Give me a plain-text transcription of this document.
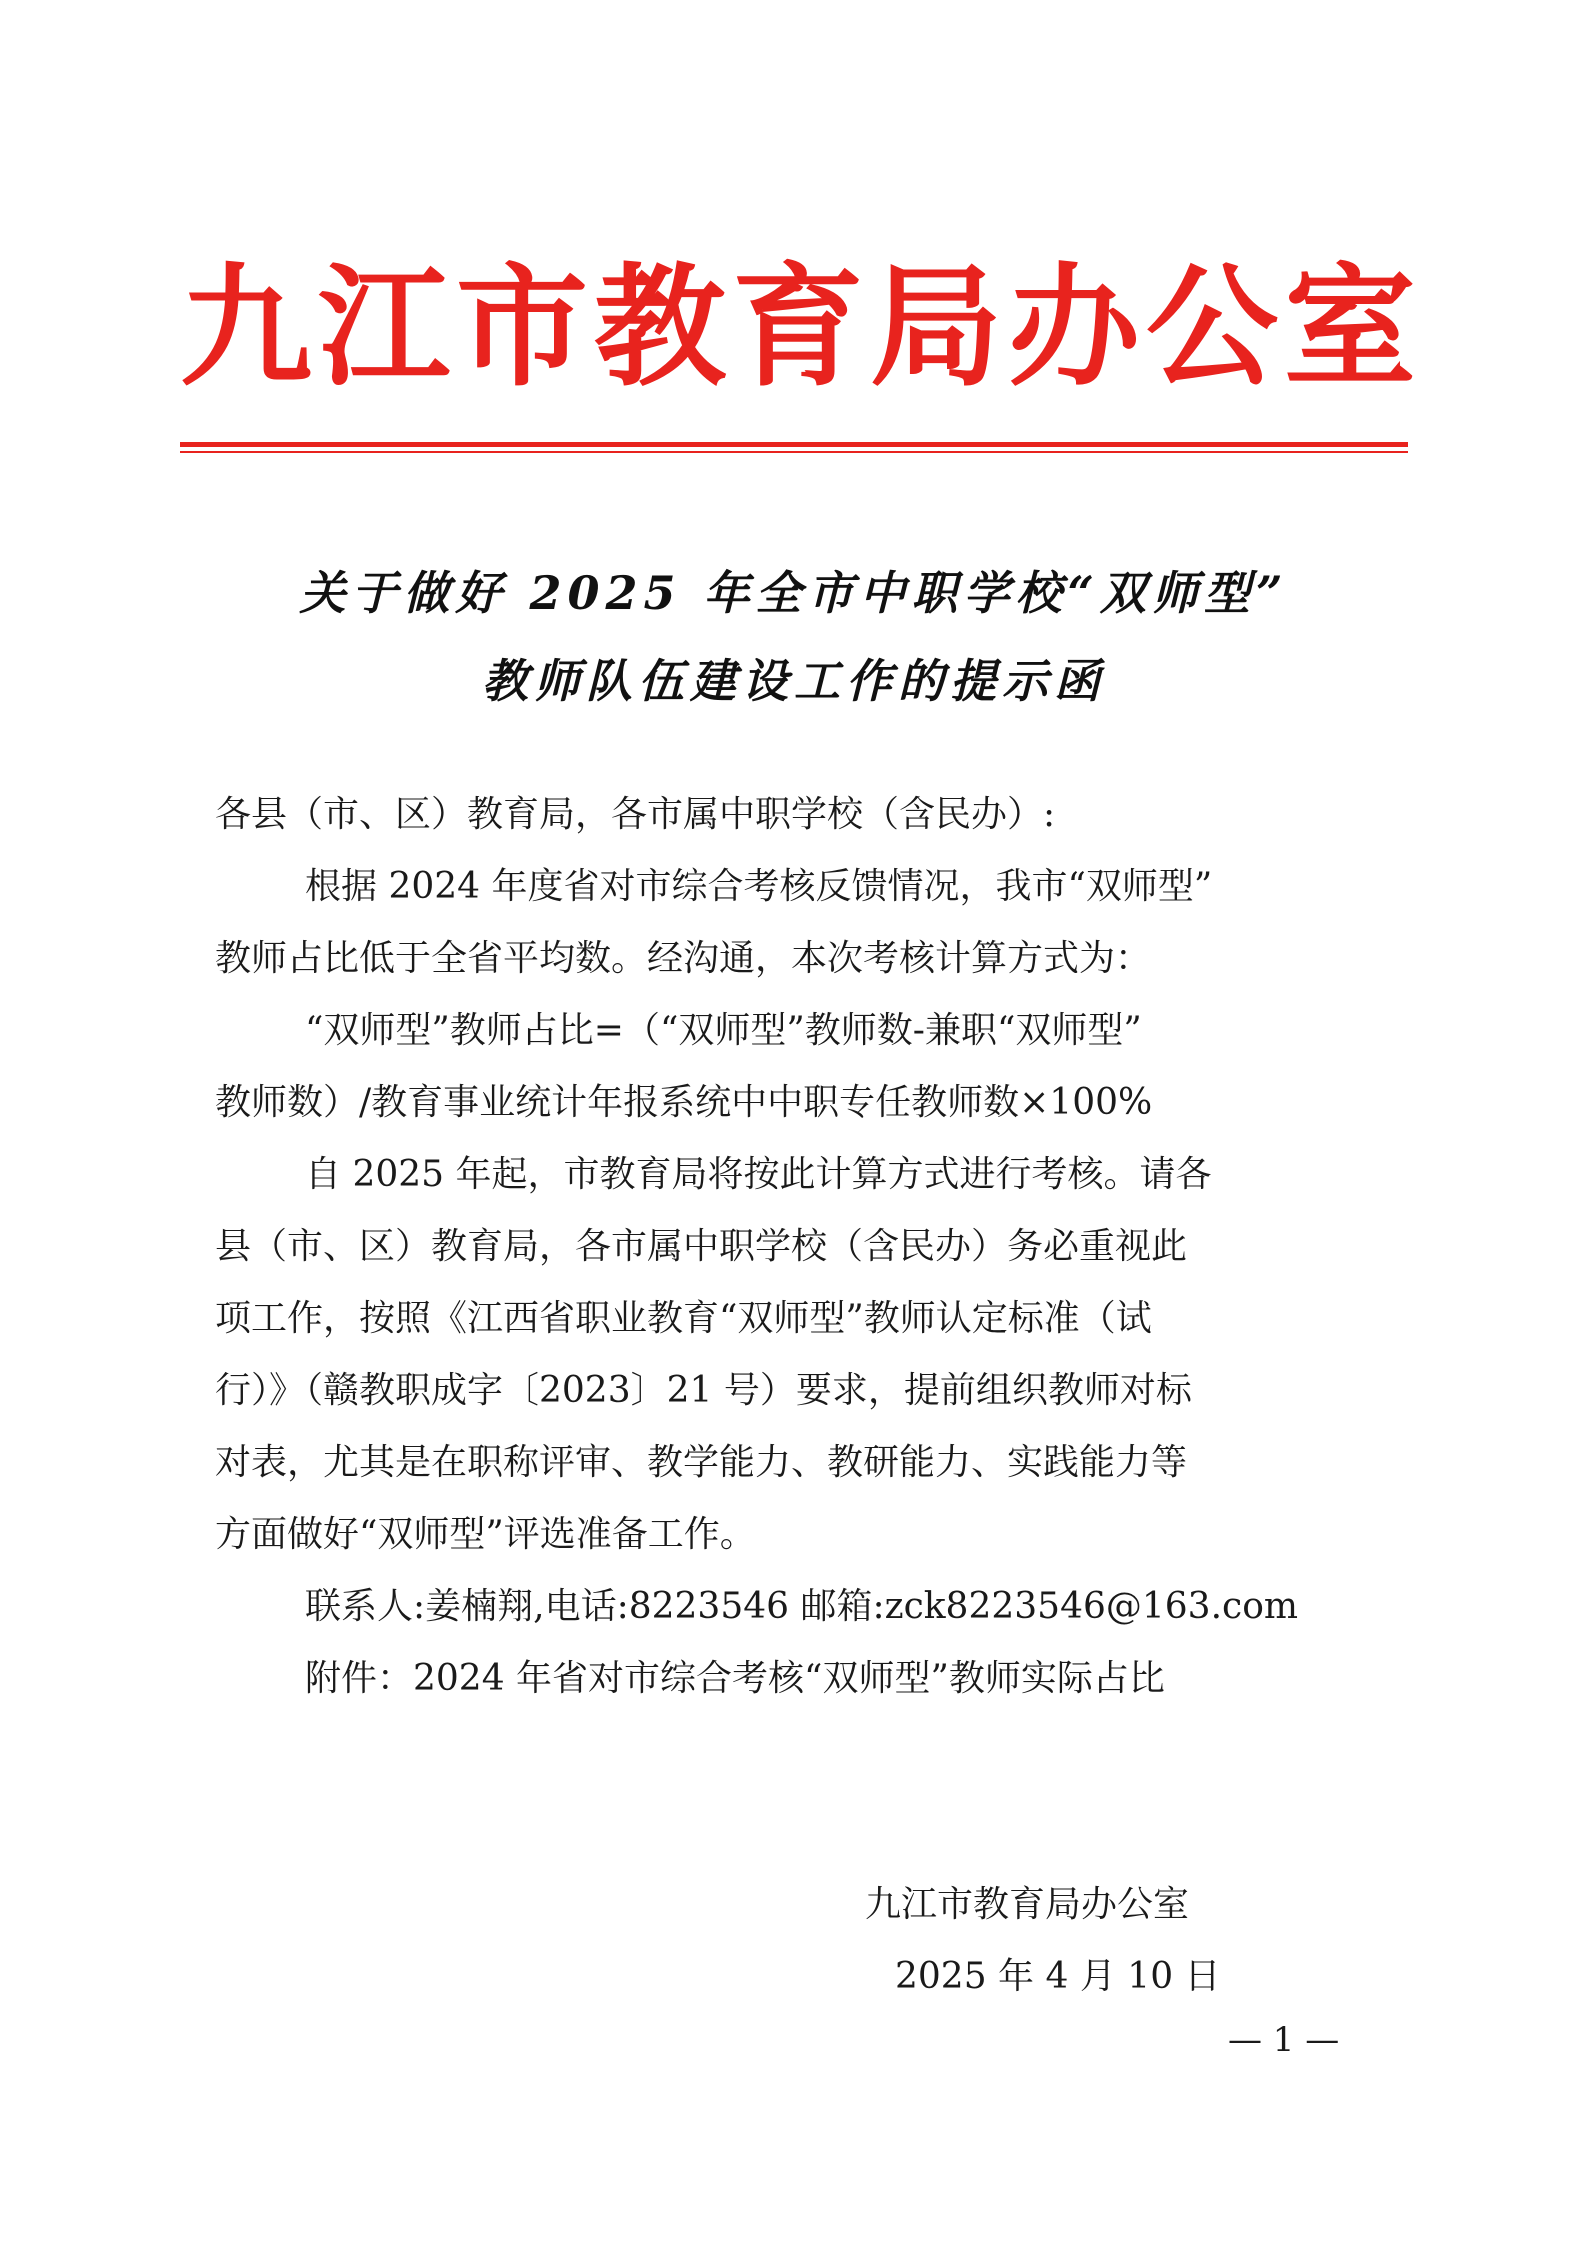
九江市教育局办公室
关于做好 2025 年全市中职学校“双师型”
教师队伍建设工作的提示函
各县（市、区）教育局，各市属中职学校（含民办）:
根据 2024 年度省对市综合考核反馈情况，我市“双师型”
教师占比低于全省平均数。经沟通，本次考核计算方式为：
“双师型”教师占比=（“双师型”教师数-兼职“双师型”
教师数）/教育事业统计年报系统中中职专任教师数×100%
自 2025 年起，市教育局将按此计算方式进行考核。请各
县（市、区）教育局，各市属中职学校（含民办）务必重视此
项工作，按照《江西省职业教育“双师型”教师认定标准（试
行）》（赣教职成字〔2023〕21 号）要求，提前组织教师对标
对表，尤其是在职称评审、教学能力、教研能力、实践能力等
方面做好“双师型”评选准备工作。
联系人:姜楠翔,电话:8223546 邮箱:zck8223546@163.com
附件：2024 年省对市综合考核“双师型”教师实际占比
九江市教育局办公室
2025 年 4 月 10 日
— 1 —
